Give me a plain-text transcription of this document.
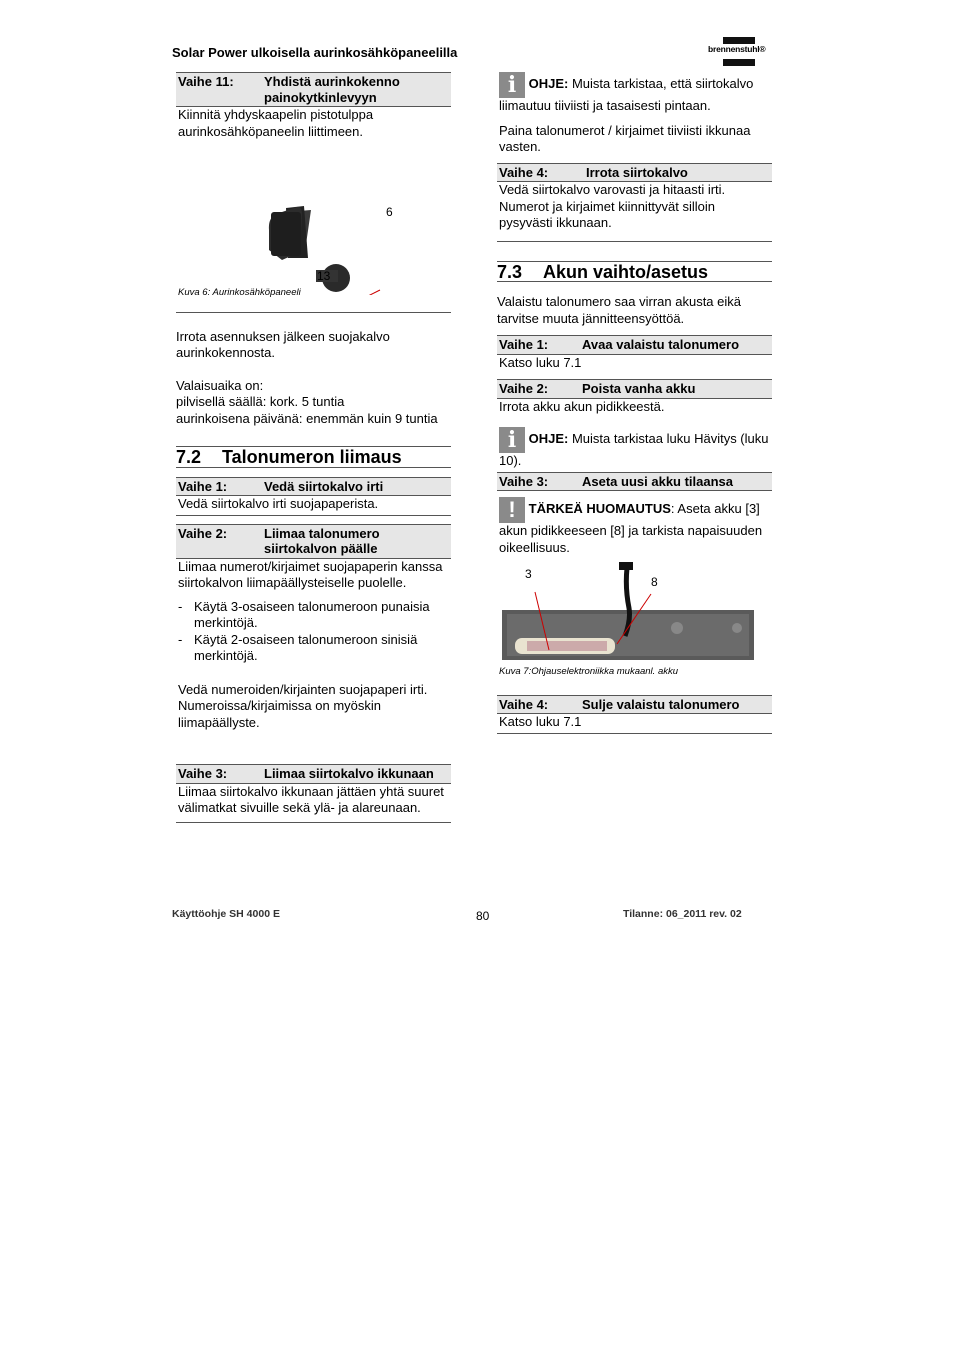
Solar Power ulkoisella aurinkosähköpaneelilla	brennenstuhl®
Vaihe 11: Yhdistä aurinkokenno painokytkinlevyyn

Kiinnitä yhdyskaapelin pistotulppa aurinkosähköpaneelin liittimeen.

6
13
Kuva 6: Aurinkosähköpaneeli

Irrota asennuksen jälkeen suojakalvo aurinkokennosta.

Valaisuaika on:

pilvisellä säällä: kork. 5 tuntia

aurinkoisena päivänä: enemmän kuin 9 tuntia

7.2 Talonumeron liimaus
Vaihe 1:	Vedä siirtokalvo irti

Vedä siirtokalvo irti suojapaperista.

Vaihe 2:	Liimaa talonumero siirtokalvon päälle

Liimaa numerot/kirjaimet suojapaperin kanssa siirtokalvon liimapäällysteiselle puolelle.

- Käytä 3-osaiseen talonumeroon punaisia merkintöjä.
- Käytä 2-osaiseen talonumeroon sinisiä merkintöjä.

Vedä numeroiden/kirjainten suojapaperi irti. Numeroissa/kirjaimissa on myöskin liimapäällyste.

Vaihe 3:	Liimaa siirtokalvo ikkunaan

Liimaa siirtokalvo ikkunaan jättäen yhtä suuret välimatkat sivuille sekä ylä- ja alareunaan.

i OHJE: Muista tarkistaa, että siirtokalvo liimautuu tiiviisti ja tasaisesti pintaan.

Paina talonumerot / kirjaimet tiiviisti ikkunaa vasten.

Vaihe 4:	Irrota siirtokalvo

Vedä siirtokalvo varovasti ja hitaasti irti. Numerot ja kirjaimet kiinnittyvät silloin pysyvästi ikkunaan.

7.3 Akun vaihto/asetus

Valaistu talonumero saa virran akusta eikä tarvitse muuta jännitteensyöttöä.

Vaihe 1:	Avaa valaistu talonumero

Katso luku 7.1

Vaihe 2:	Poista vanha akku

Irrota akku akun pidikkeestä.

i OHJE: Muista tarkistaa luku Hävitys (luku 10).

Vaihe 3:	Aseta uusi akku tilaansa

! TÄRKEÄ HUOMAUTUS: Aseta akku [3] akun pidikkeeseen [8] ja tarkista napaisuuden oikeellisuus.

3
8
Kuva 7:Ohjauselektroniikka mukaanl. akku
Vaihe 4:	Sulje valaistu talonumero

Katso luku 7.1

Käyttöohje SH 4000 E	80	Tilanne: 06_2011 rev. 02
